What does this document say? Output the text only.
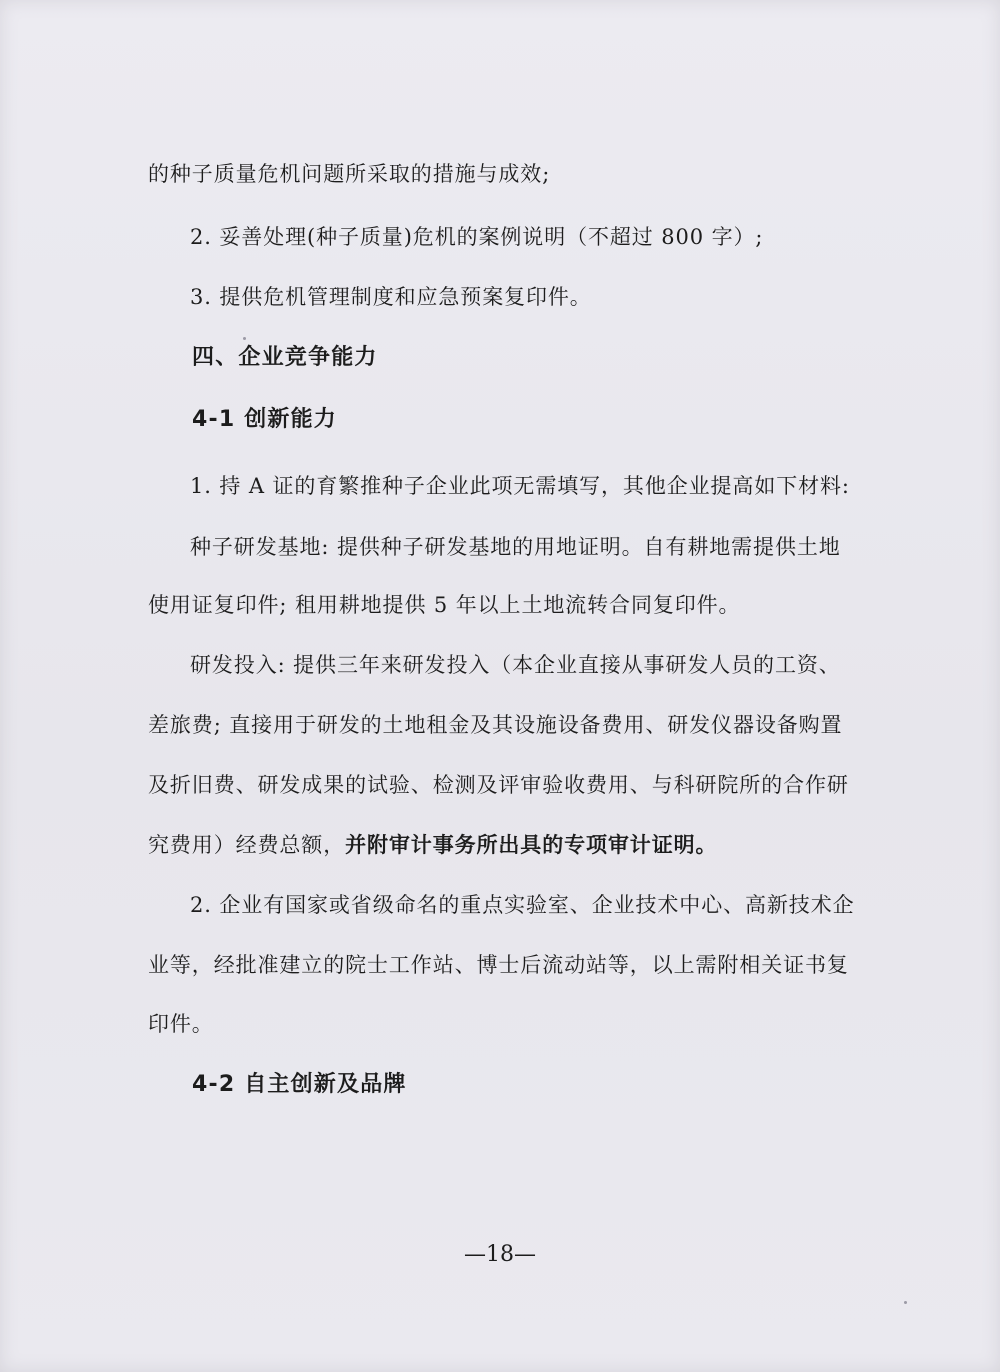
的种子质量危机问题所采取的措施与成效;
2. 妥善处理(种子质量)危机的案例说明（不超过 800 字）;
3. 提供危机管理制度和应急预案复印件。
四、企业竞争能力
4-1 创新能力
1. 持 A 证的育繁推种子企业此项无需填写，其他企业提高如下材料:
种子研发基地: 提供种子研发基地的用地证明。自有耕地需提供土地
使用证复印件; 租用耕地提供 5 年以上土地流转合同复印件。
研发投入: 提供三年来研发投入（本企业直接从事研发人员的工资、
差旅费; 直接用于研发的土地租金及其设施设备费用、研发仪器设备购置
及折旧费、研发成果的试验、检测及评审验收费用、与科研院所的合作研
究费用）经费总额，并附审计事务所出具的专项审计证明。
2. 企业有国家或省级命名的重点实验室、企业技术中心、高新技术企
业等，经批准建立的院士工作站、博士后流动站等，以上需附相关证书复
印件。
4-2 自主创新及品牌
—18—
